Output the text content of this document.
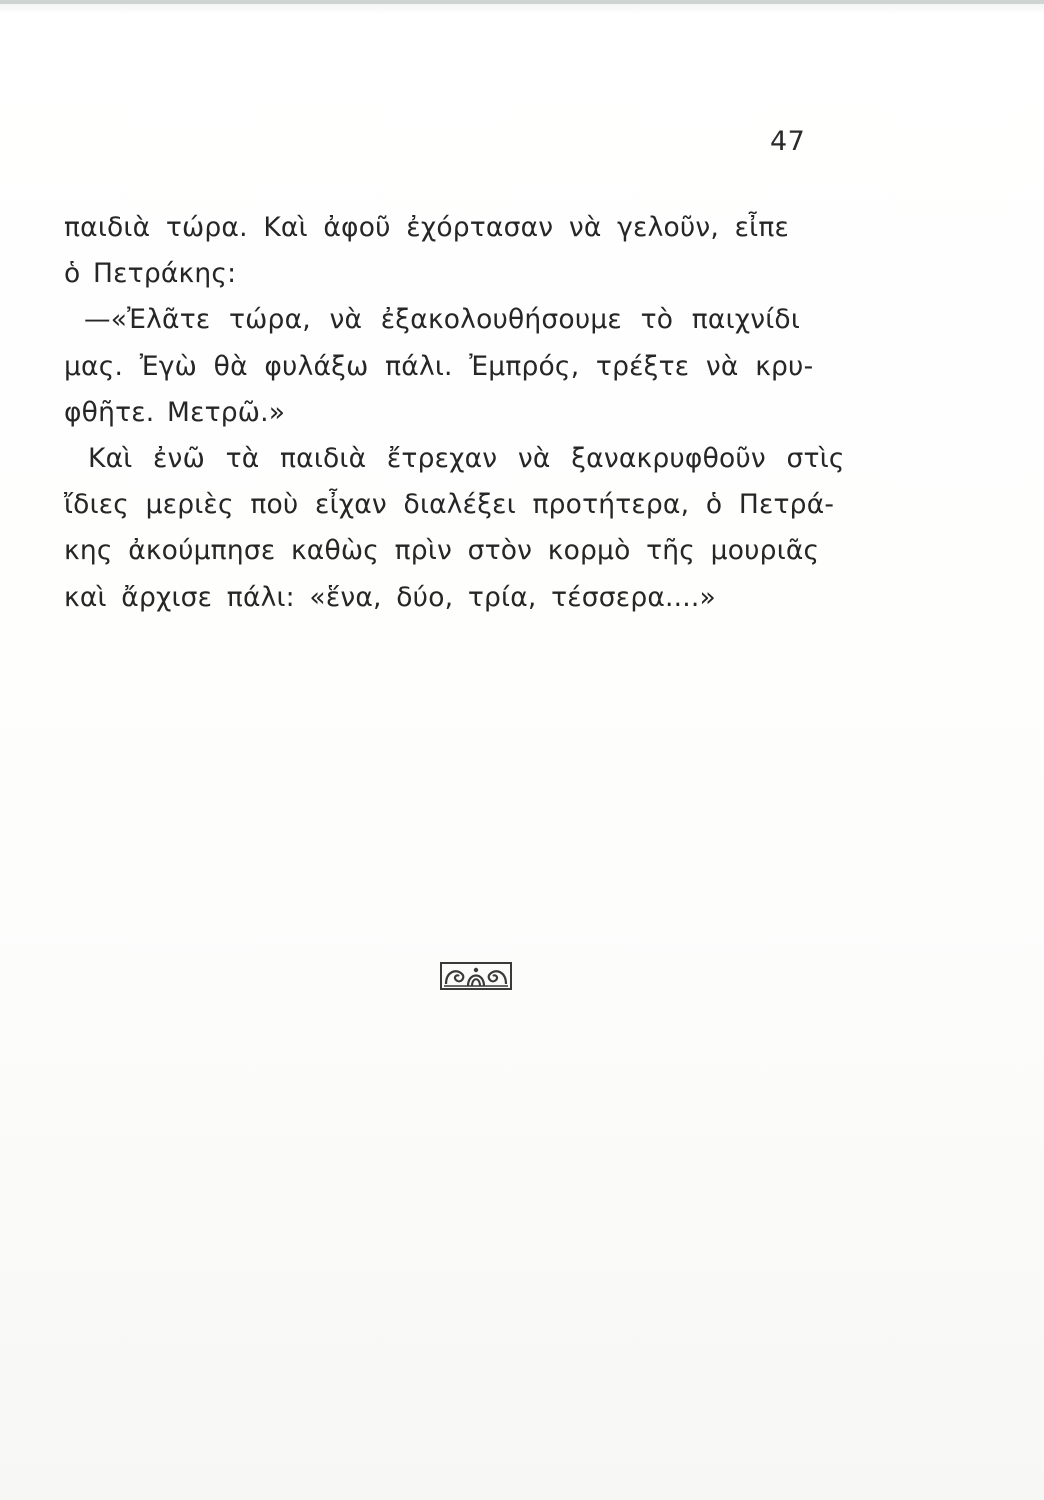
47
παιδιὰ τώρα. Καὶ ἀφοῦ ἐχόρτασαν νὰ γελοῦν, εἶπε
ὁ Πετράκης:
—«Ἐλᾶτε τώρα, νὰ ἐξακολουθήσουμε τὸ παιχνίδι
μας. Ἐγὼ θὰ φυλάξω πάλι. Ἐμπρός, τρέξτε νὰ κρυ-
φθῆτε. Μετρῶ.»
Καὶ ἐνῶ τὰ παιδιὰ ἔτρεχαν νὰ ξανακρυφθοῦν στὶς
ἴδιες μεριὲς ποὺ εἶχαν διαλέξει προτήτερα, ὁ Πετρά-
κης ἀκούμπησε καθὼς πρὶν στὸν κορμὸ τῆς μουριᾶς
καὶ ἄρχισε πάλι: «ἕνα, δύο, τρία, τέσσερα....»
